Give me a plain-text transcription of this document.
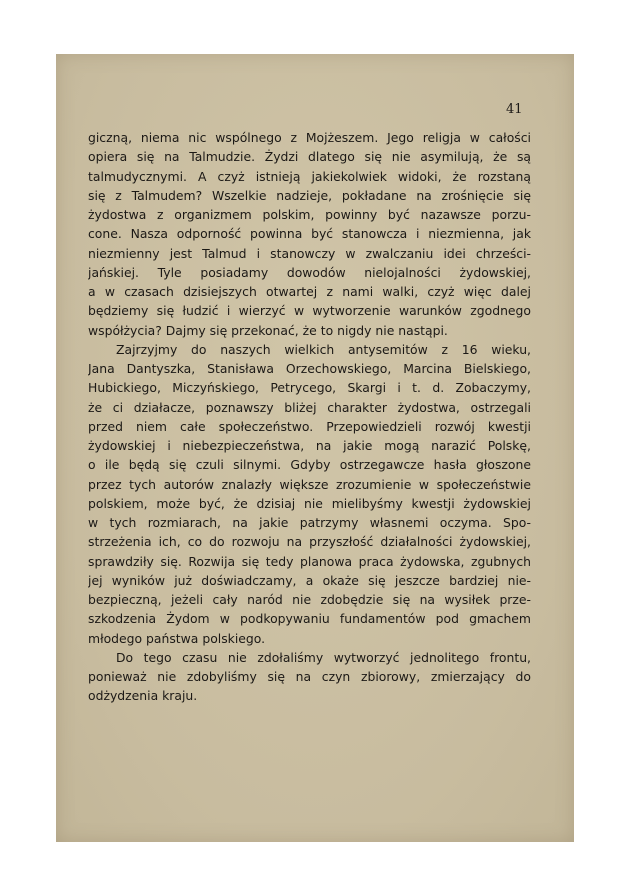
41
giczną, niema nic wspólnego z Mojżeszem. Jego religja w całości
opiera się na Talmudzie. Żydzi dlatego się nie asymilują, że są
talmudycznymi. A czyż istnieją jakiekolwiek widoki, że rozstaną
się z Talmudem? Wszelkie nadzieje, pokładane na zrośnięcie się
żydostwa z organizmem polskim, powinny być nazawsze porzu-
cone. Nasza odporność powinna być stanowcza i niezmienna, jak
niezmienny jest Talmud i stanowczy w zwalczaniu idei chrześci-
jańskiej. Tyle posiadamy dowodów nielojalności żydowskiej,
a w czasach dzisiejszych otwartej z nami walki, czyż więc dalej
będziemy się łudzić i wierzyć w wytworzenie warunków zgodnego
współżycia? Dajmy się przekonać, że to nigdy nie nastąpi.
Zajrzyjmy do naszych wielkich antysemitów z 16 wieku,
Jana Dantyszka, Stanisława Orzechowskiego, Marcina Bielskiego,
Hubickiego, Miczyńskiego, Petrycego, Skargi i t. d. Zobaczymy,
że ci działacze, poznawszy bliżej charakter żydostwa, ostrzegali
przed niem całe społeczeństwo. Przepowiedzieli rozwój kwestji
żydowskiej i niebezpieczeństwa, na jakie mogą narazić Polskę,
o ile będą się czuli silnymi. Gdyby ostrzegawcze hasła głoszone
przez tych autorów znalazły większe zrozumienie w społeczeństwie
polskiem, może być, że dzisiaj nie mielibyśmy kwestji żydowskiej
w tych rozmiarach, na jakie patrzymy własnemi oczyma. Spo-
strzeżenia ich, co do rozwoju na przyszłość działalności żydowskiej,
sprawdziły się. Rozwija się tedy planowa praca żydowska, zgubnych
jej wyników już doświadczamy, a okaże się jeszcze bardziej nie-
bezpieczną, jeżeli cały naród nie zdobędzie się na wysiłek prze-
szkodzenia Żydom w podkopywaniu fundamentów pod gmachem
młodego państwa polskiego.
Do tego czasu nie zdołaliśmy wytworzyć jednolitego frontu,
ponieważ nie zdobyliśmy się na czyn zbiorowy, zmierzający do
odżydzenia kraju.
